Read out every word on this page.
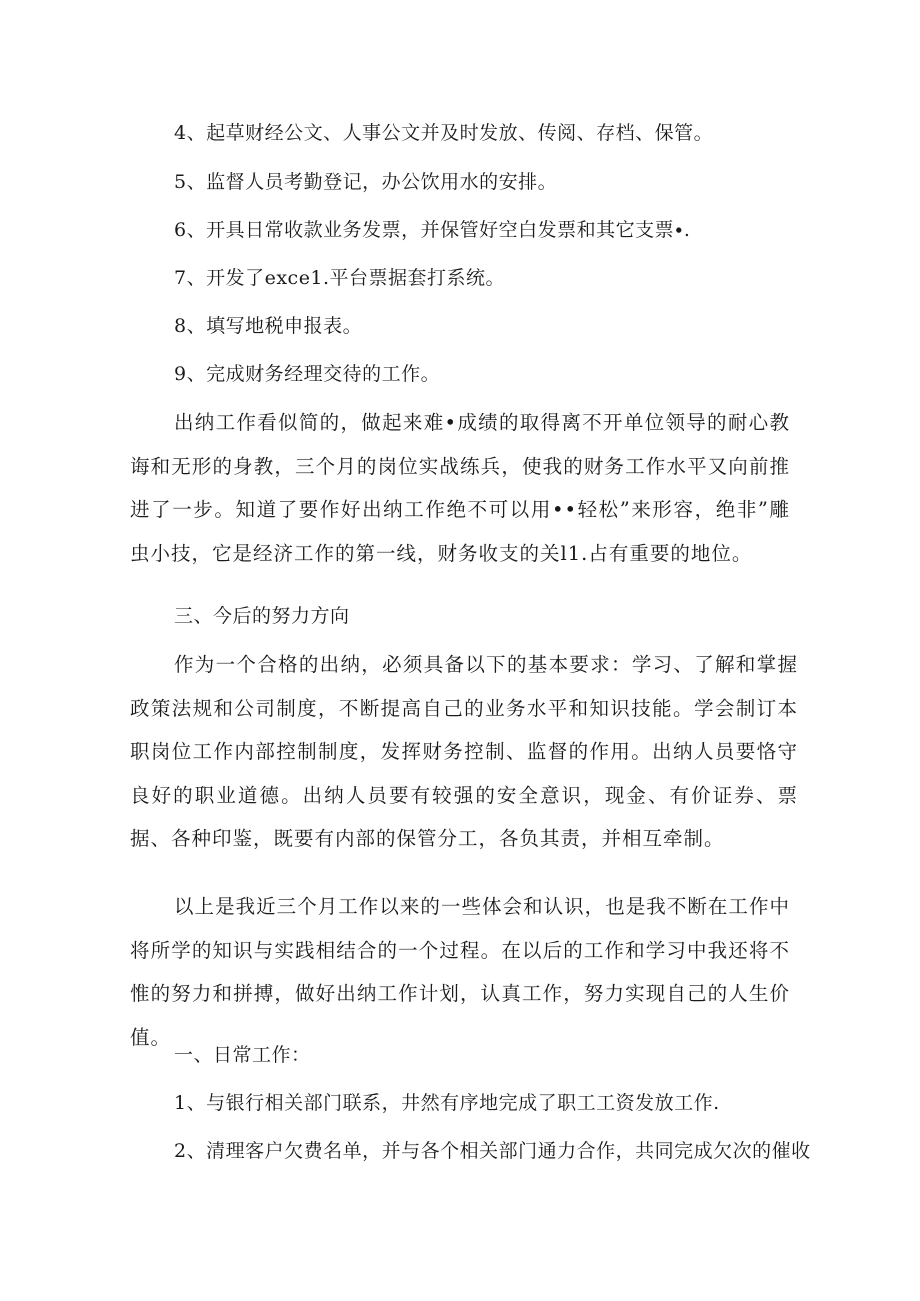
4、起草财经公文、人事公文并及时发放、传阅、存档、保管。
5、监督人员考勤登记，办公饮用水的安排。
6、开具日常收款业务发票，并保管好空白发票和其它支票∙.
7、开发了exce1.平台票据套打系统。
8、填写地税申报表。
9、完成财务经理交待的工作。

出纳工作看似简的，做起来难•成绩的取得离不开单位领导的耐心教诲和无形的身教，三个月的岗位实战练兵，使我的财务工作水平又向前推进了一步。知道了要作好出纳工作绝不可以用••轻松”来形容，绝非”雕虫小技，它是经济工作的第一线，财务收支的关l1.占有重要的地位。

三、今后的努力方向

作为一个合格的出纳，必须具备以下的基本要求：学习、了解和掌握政策法规和公司制度，不断提高自己的业务水平和知识技能。学会制订本职岗位工作内部控制制度，发挥财务控制、监督的作用。出纳人员要恪守良好的职业道德。出纳人员要有较强的安全意识，现金、有价证券、票据、各种印鉴，既要有内部的保管分工，各负其责，并相互牵制。

以上是我近三个月工作以来的一些体会和认识，也是我不断在工作中将所学的知识与实践相结合的一个过程。在以后的工作和学习中我还将不惟的努力和拼搏，做好出纳工作计划，认真工作，努力实现自己的人生价值。

一、日常工作：
1、与银行相关部门联系，井然有序地完成了职工工资发放工作.
2、清理客户欠费名单，并与各个相关部门通力合作，共同完成欠次的催收
